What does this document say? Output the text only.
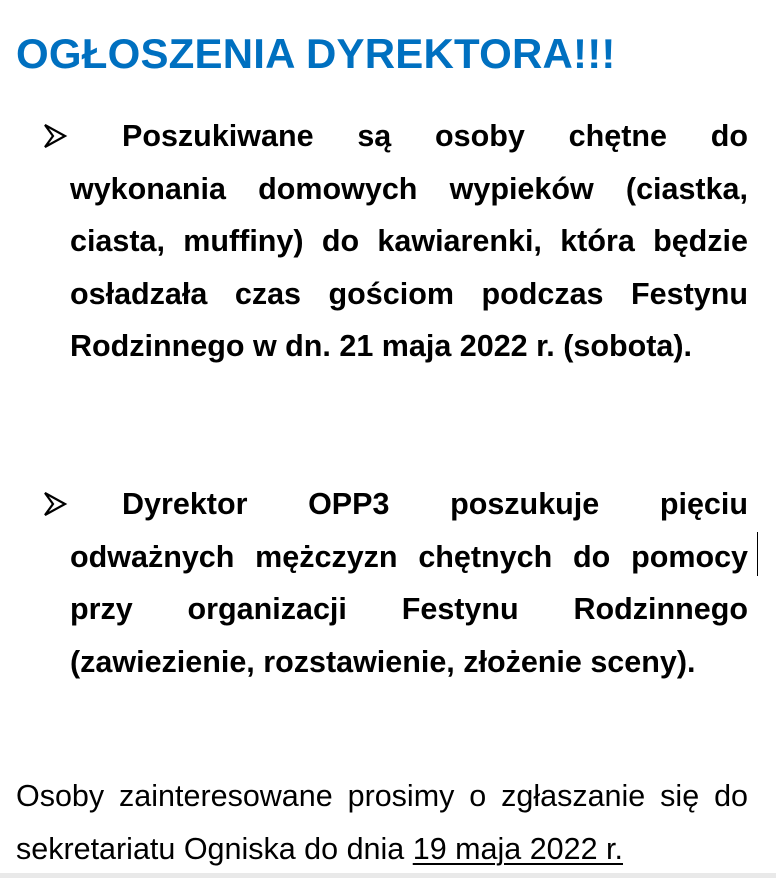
OGŁOSZENIA DYREKTORA!!!

Poszukiwane są osoby chętne do wykonania domowych wypieków (ciastka, ciasta, muffiny) do kawiarenki, która będzie osładzała czas gościom podczas Festynu Rodzinnego w dn. 21 maja 2022 r. (sobota).

Dyrektor OPP3 poszukuje pięciu odważnych mężczyzn chętnych do pomocy przy organizacji Festynu Rodzinnego (zawiezienie, rozstawienie, złożenie sceny).

Osoby zainteresowane prosimy o zgłaszanie się do sekretariatu Ogniska do dnia 19 maja 2022 r.
